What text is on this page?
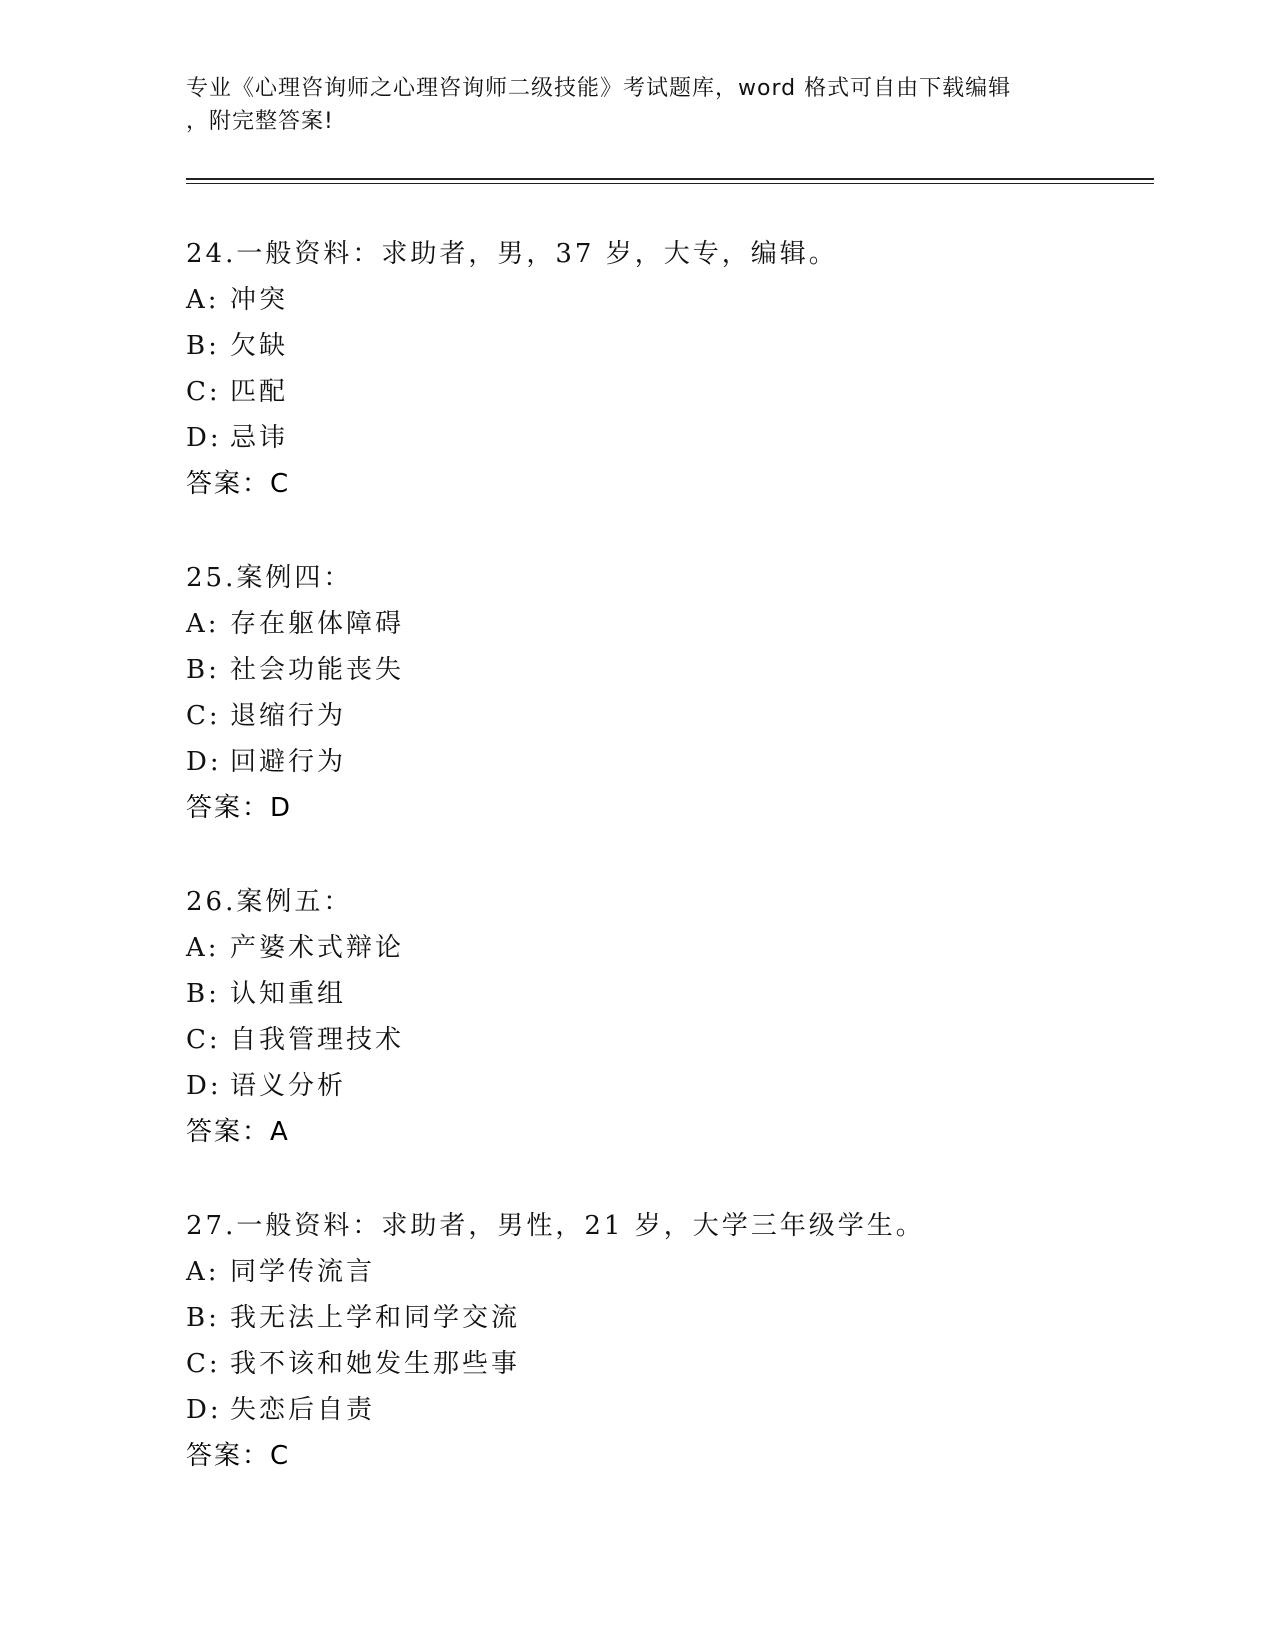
专业《心理咨询师之心理咨询师二级技能》考试题库，word 格式可自由下载编辑
，附完整答案!
24.一般资料：求助者，男，37 岁，大专，编辑。
A: 冲突
B: 欠缺
C: 匹配
D: 忌讳
答案：C
25.案例四：
A: 存在躯体障碍
B: 社会功能丧失
C: 退缩行为
D: 回避行为
答案：D
26.案例五：
A: 产婆术式辩论
B: 认知重组
C: 自我管理技术
D: 语义分析
答案：A
27.一般资料：求助者，男性，21 岁，大学三年级学生。
A: 同学传流言
B: 我无法上学和同学交流
C: 我不该和她发生那些事
D: 失恋后自责
答案：C
